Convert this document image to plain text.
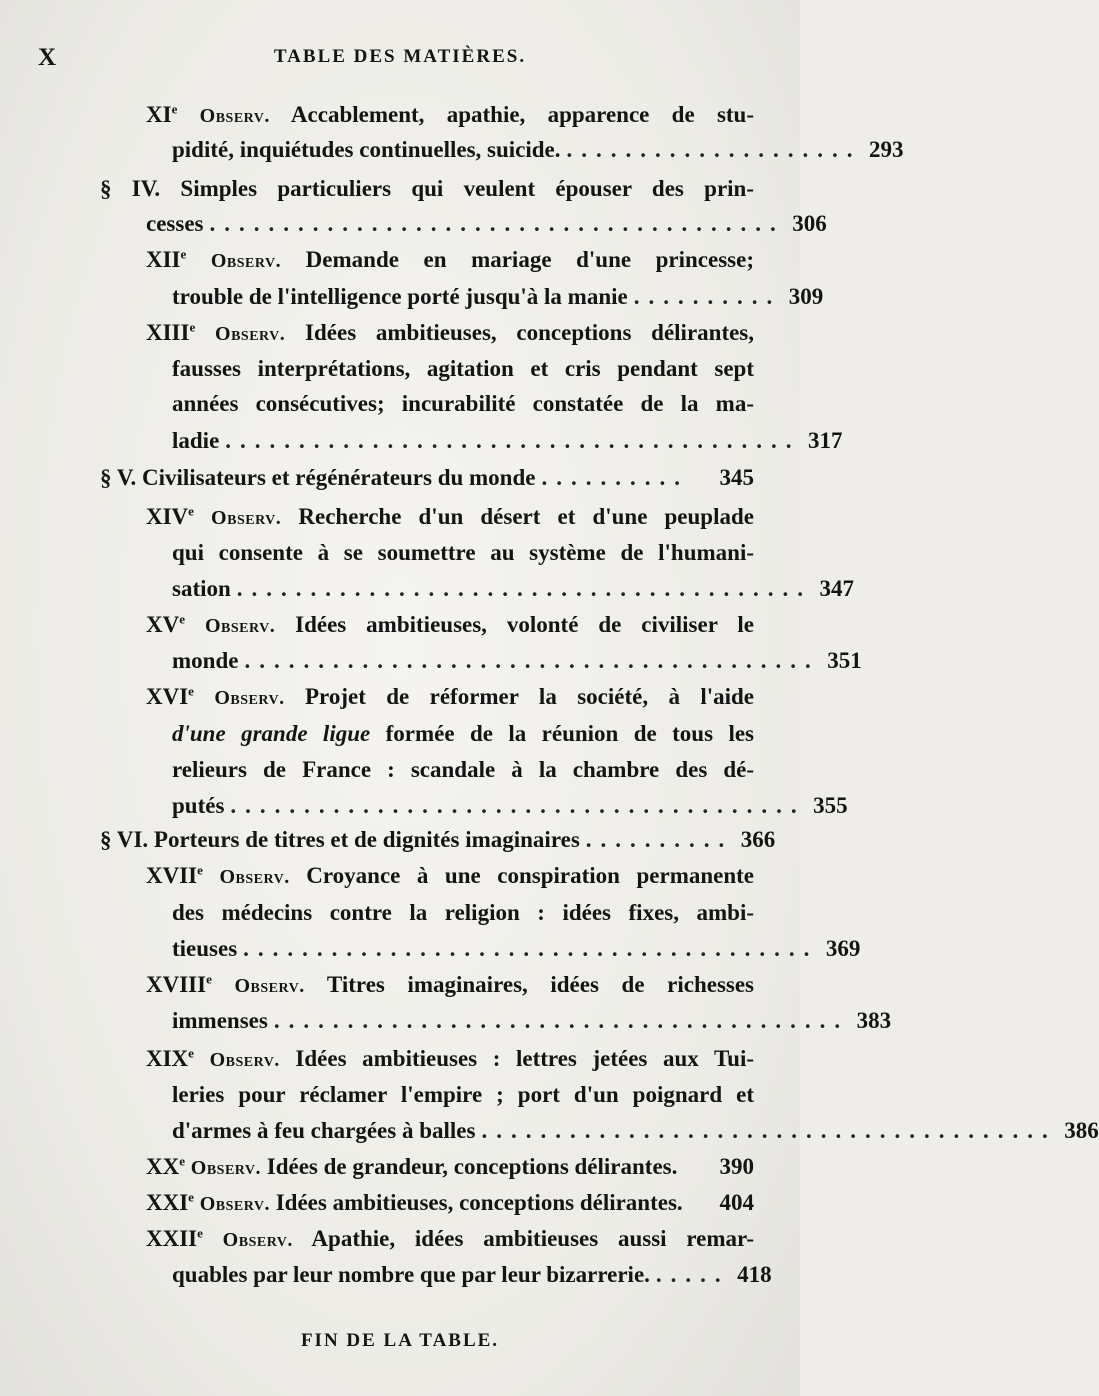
X	TABLE DES MATIÈRES.
XIe Observ. Accablement, apathie, apparence de stu-
pidité, inquiétudes continuelles, suicide. .................... 293
§ IV. Simples particuliers qui veulent épouser des prin-
cesses ....................................... 306
XIIe Observ. Demande en mariage d'une princesse;
trouble de l'intelligence porté jusqu'à la manie .......... 309
XIIIe Observ. Idées ambitieuses, conceptions délirantes,
fausses interprétations, agitation et cris pendant sept
années consécutives; incurabilité constatée de la ma-
ladie ....................................... 317
§ V. Civilisateurs et régénérateurs du monde ..........	345
XIVe Observ. Recherche d'un désert et d'une peuplade
qui consente à se soumettre au système de l'humani-
sation ....................................... 347
XVe Observ. Idées ambitieuses, volonté de civiliser le
monde ....................................... 351
XVIe Observ. Projet de réformer la société, à l'aide
d'une grande ligue formée de la réunion de tous les
relieurs de France : scandale à la chambre des dé-
putés ....................................... 355
§ VI. Porteurs de titres et de dignités imaginaires .......... 366
XVIIe Observ. Croyance à une conspiration permanente
des médecins contre la religion : idées fixes, ambi-
tieuses ....................................... 369
XVIIIe Observ. Titres imaginaires, idées de richesses
immenses ....................................... 383
XIXe Observ. Idées ambitieuses : lettres jetées aux Tui-
leries pour réclamer l'empire ; port d'un poignard et
d'armes à feu chargées à balles ....................................... 386
XXe Observ. Idées de grandeur, conceptions délirantes.	390
XXIe Observ. Idées ambitieuses, conceptions délirantes.	404
XXIIe Observ. Apathie, idées ambitieuses aussi remar-
quables par leur nombre que par leur bizarrerie. ..... 418
FIN DE LA TABLE.
